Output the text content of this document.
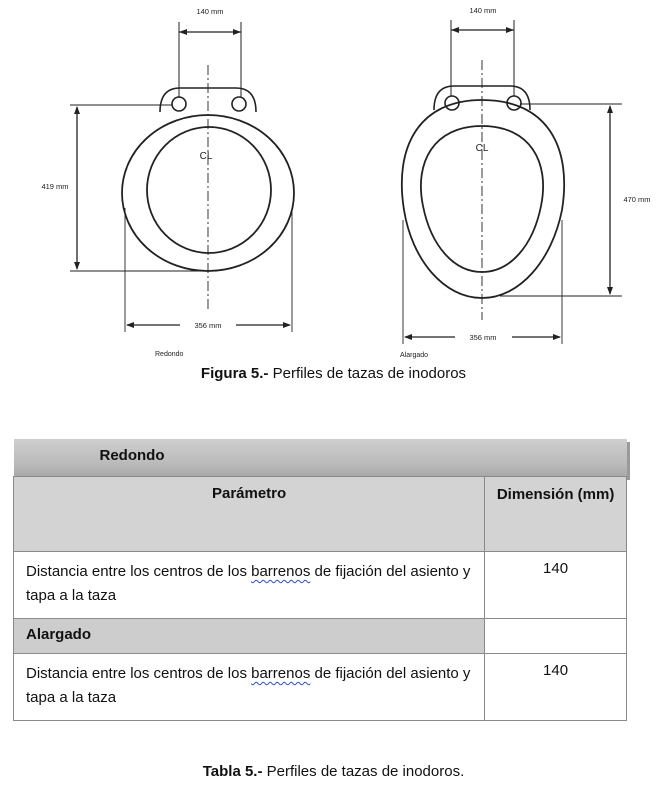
140 mm
419 mm
356 mm
CL
Redondo
140 mm
470 mm
356 mm
CL
Alargado
Figura 5.- Perfiles de tazas de inodoros
Redondo	

Parámetro	Dimensión (mm)
Distancia entre los centros de los barrenos de fijación del asiento y tapa a la taza	140

Alargado	

Distancia entre los centros de los barrenos de fijación del asiento y tapa a la taza	140
Tabla 5.- Perfiles de tazas de inodoros.
